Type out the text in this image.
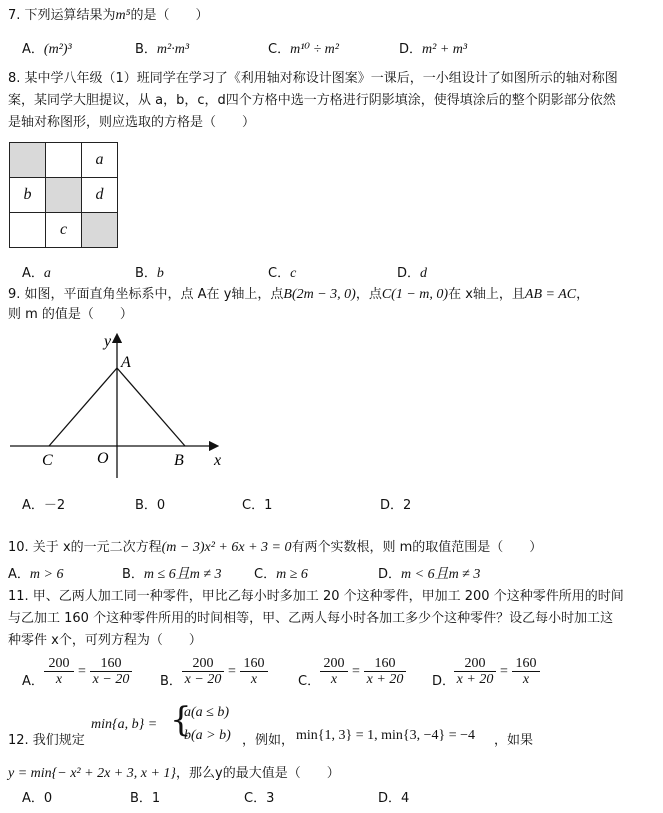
7. 下列运算结果为m⁵的是（　　）
A．(m²)³	B．m²·m³	C．m¹⁰ ÷ m²	D．m² + m³
8. 某中学八年级（1）班同学在学习了《利用轴对称设计图案》一课后，一小组设计了如图所示的轴对称图
案，某同学大胆提议，从 a，b，c，d四个方格中选一方格进行阴影填涂，使得填涂后的整个阴影部分依然
是轴对称图形，则应选取的方格是（　　）
		a
b		d
	c	
A．a	B．b	C．c	D．d
9. 如图，平面直角坐标系中，点 A在 y轴上，点B(2m − 3, 0)，点C(1 − m, 0)在 x轴上，且AB = AC，
则 m 的值是（　　）
y
A
C	O	B x
A．－2	B．0	C．1	D．2
10. 关于 x的一元二次方程(m − 3)x² + 6x + 3 = 0有两个实数根，则 m的取值范围是（　　）
A．m > 6	B．m ≤ 6且m ≠ 3 C．m ≥ 6	D．m < 6且m ≠ 3
11. 甲、乙两人加工同一种零件，甲比乙每小时多加工 20 个这种零件，甲加工 200 个这种零件所用的时间
与乙加工 160 个这种零件所用的时间相等，甲、乙两人每小时各加工多少个这种零件？设乙每小时加工这
种零件 x个，可列方程为（　　）
A． $\frac{200}{x} = \frac{160}{x - 20}$ B． $\frac{200}{x - 20} = \frac{160}{x}$ C． $\frac{200}{x} = \frac{160}{x + 20}$ D．
$\frac{200}{x + 20} = \frac{160}{x}$
12. 我们规定
min{a, b} = {
a(a ≤ b)
b(a > b) ，例如， min{1, 3} = 1, min{3, −4} = −4 ，如果
y = min{− x² + 2x + 3, x + 1}，那么y的最大值是（　　）
A．0	B．1	C．3	D．4
